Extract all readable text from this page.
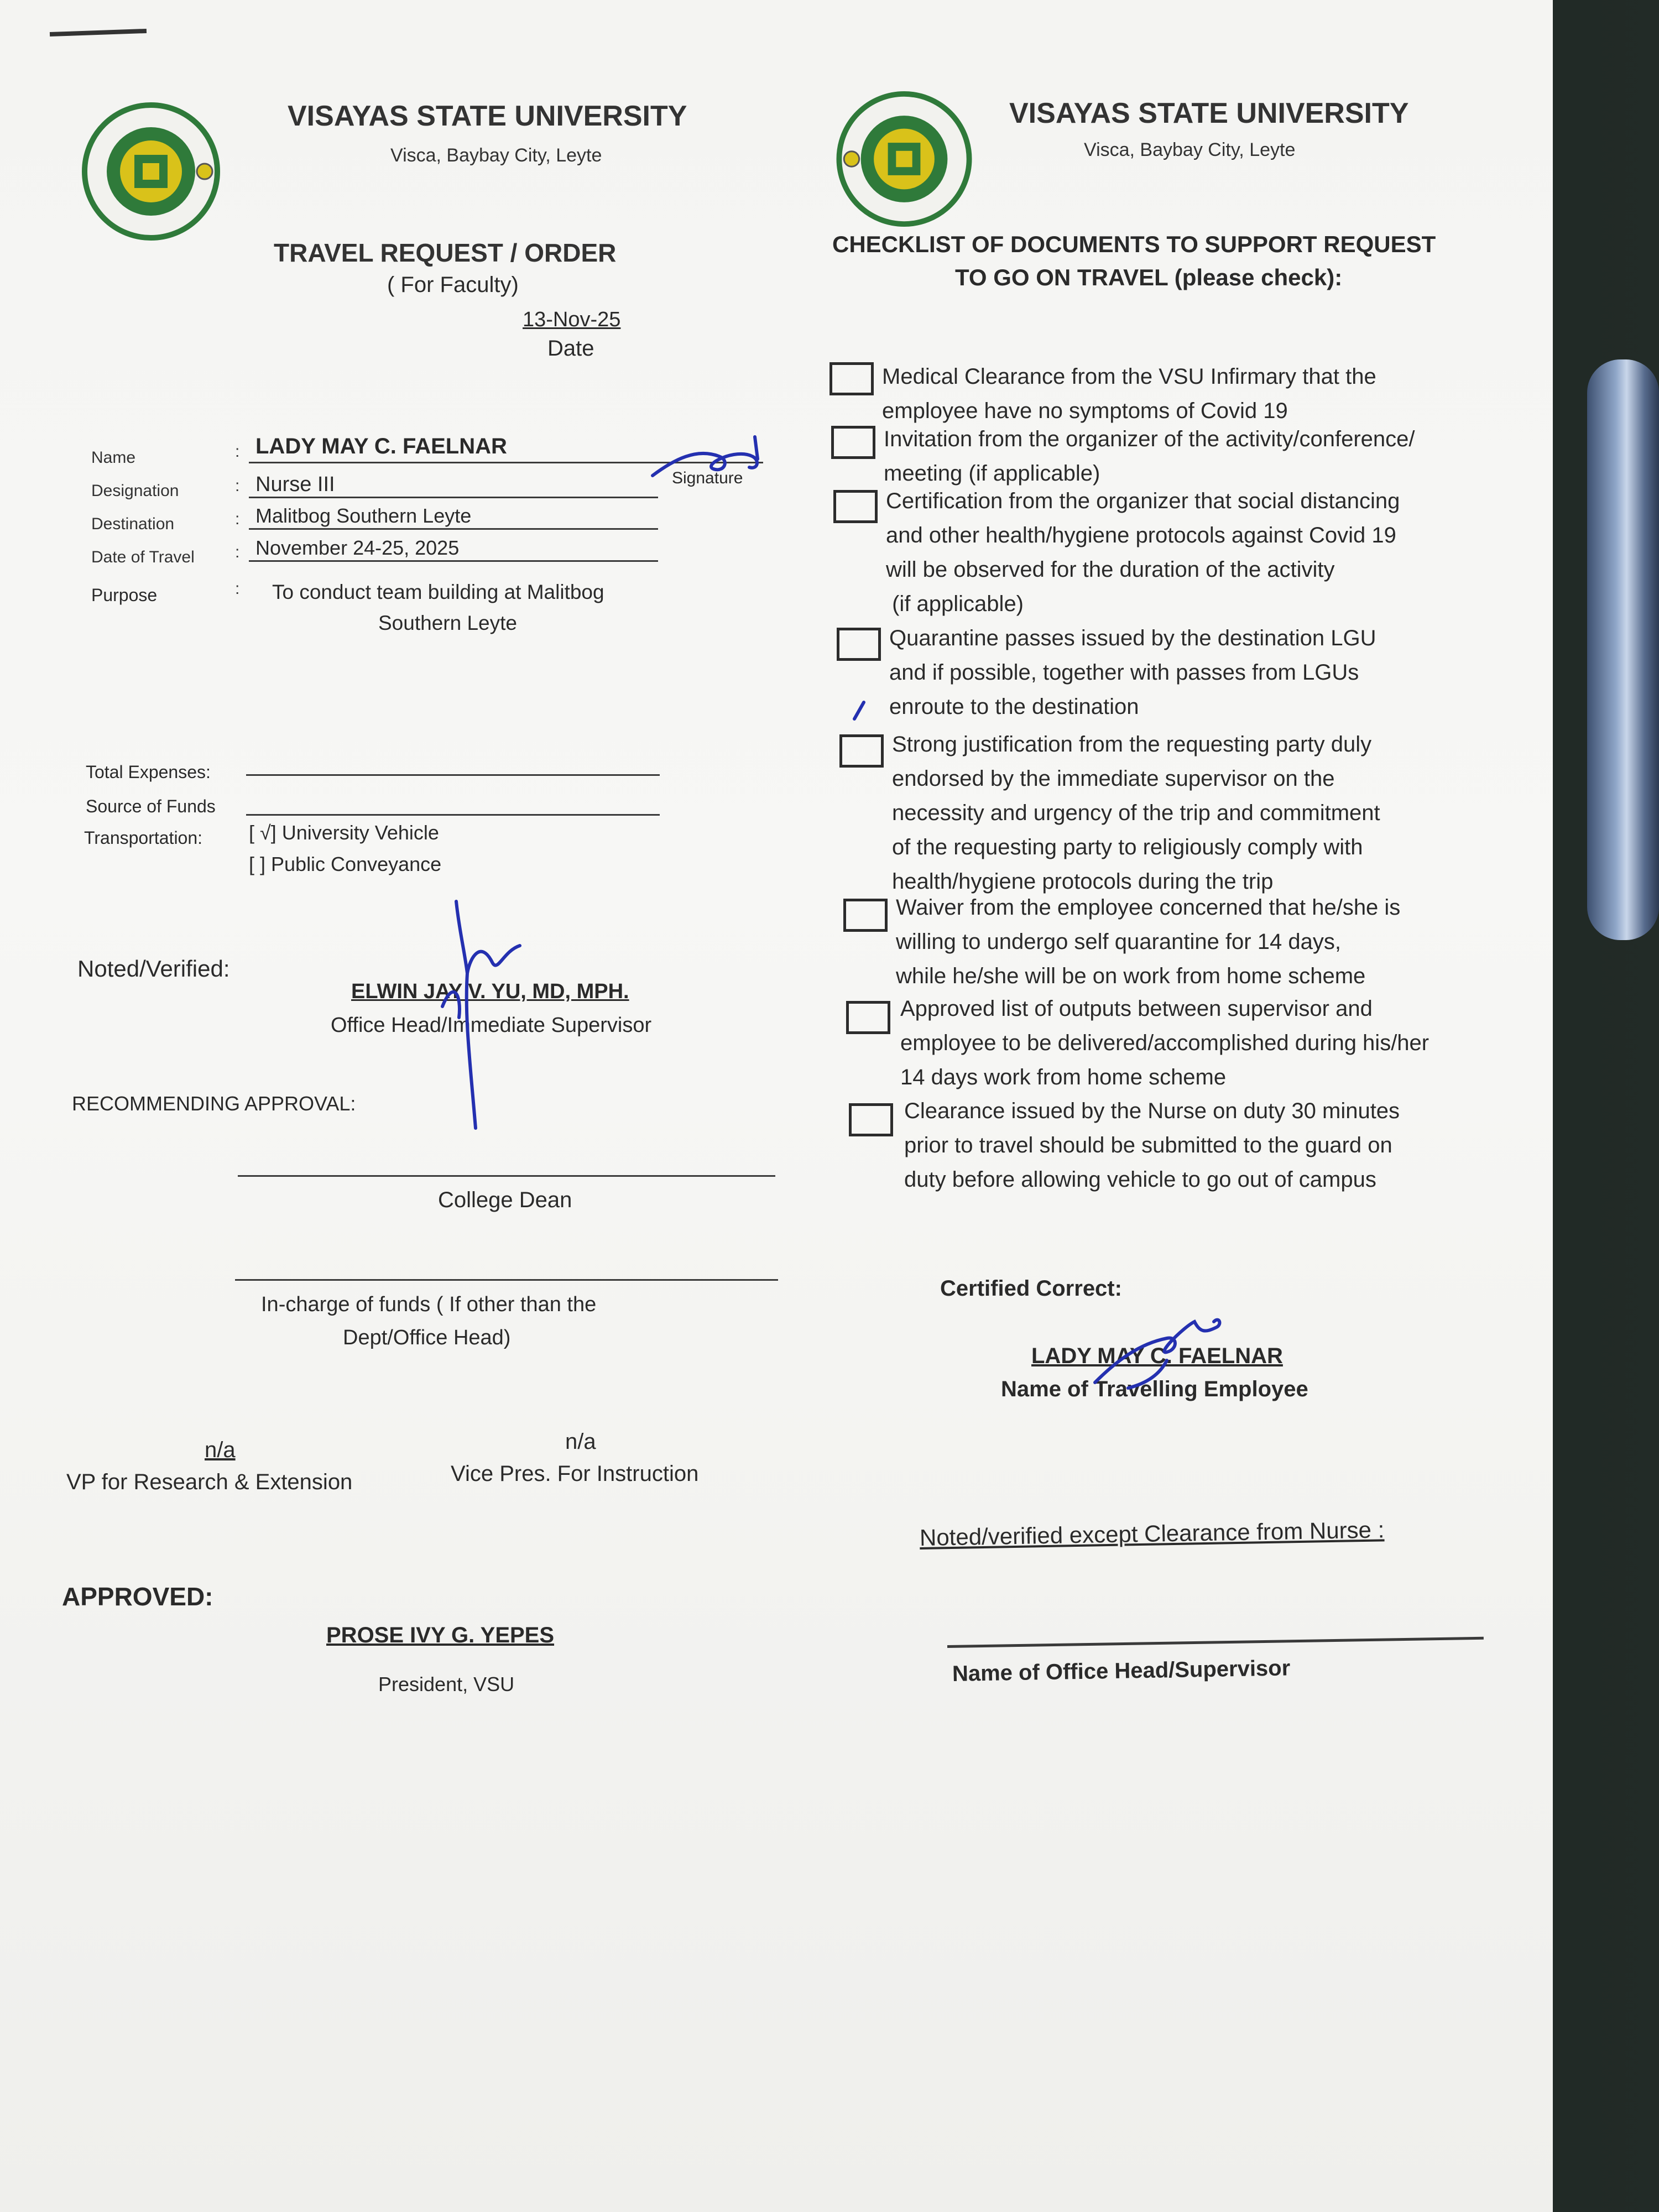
VISAYAS STATE UNIVERSITY
Visca, Baybay City, Leyte
TRAVEL REQUEST / ORDER
( For Faculty)
13-Nov-25
Date
Name	: LADY MAY C. FAELNAR
Signature
Designation	: Nurse III
Destination	: Malitbog Southern Leyte
Date of Travel : November 24-25, 2025
Purpose	: To conduct team building at Malitbog
Southern Leyte
Total Expenses:
Source of Funds
Transportation: [ √] University Vehicle
[ ] Public Conveyance
Noted/Verified:
ELWIN JAY V. YU, MD, MPH.
Office Head/Immediate Supervisor
RECOMMENDING APPROVAL:
College Dean
In-charge of funds ( If other than the
Dept/Office Head)
n/a
VP for Research & Extension
n/a
Vice Pres. For Instruction
APPROVED:
PROSE IVY G. YEPES
President, VSU
VISAYAS STATE UNIVERSITY
Visca, Baybay City, Leyte
CHECKLIST OF DOCUMENTS TO SUPPORT REQUEST
TO GO ON TRAVEL (please check):
Medical Clearance from the VSU Infirmary that the
employee have no symptoms of Covid 19
Invitation from the organizer of the activity/conference/
meeting (if applicable)
Certification from the organizer that social distancing
and other health/hygiene protocols against Covid 19
will be observed for the duration of the activity
(if applicable)
Quarantine passes issued by the destination LGU
and if possible, together with passes from LGUs
enroute to the destination
Strong justification from the requesting party duly
endorsed by the immediate supervisor on the
necessity and urgency of the trip and commitment
of the requesting party to religiously comply with
health/hygiene protocols during the trip
Waiver from the employee concerned that he/she is
willing to undergo self quarantine for 14 days,
while he/she will be on work from home scheme
Approved list of outputs between supervisor and
employee to be delivered/accomplished during his/her
14 days work from home scheme
Clearance issued by the Nurse on duty 30 minutes
prior to travel should be submitted to the guard on
duty before allowing vehicle to go out of campus
Certified Correct:
LADY MAY C. FAELNAR
Name of Travelling Employee
Noted/verified except Clearance from Nurse :
Name of Office Head/Supervisor
